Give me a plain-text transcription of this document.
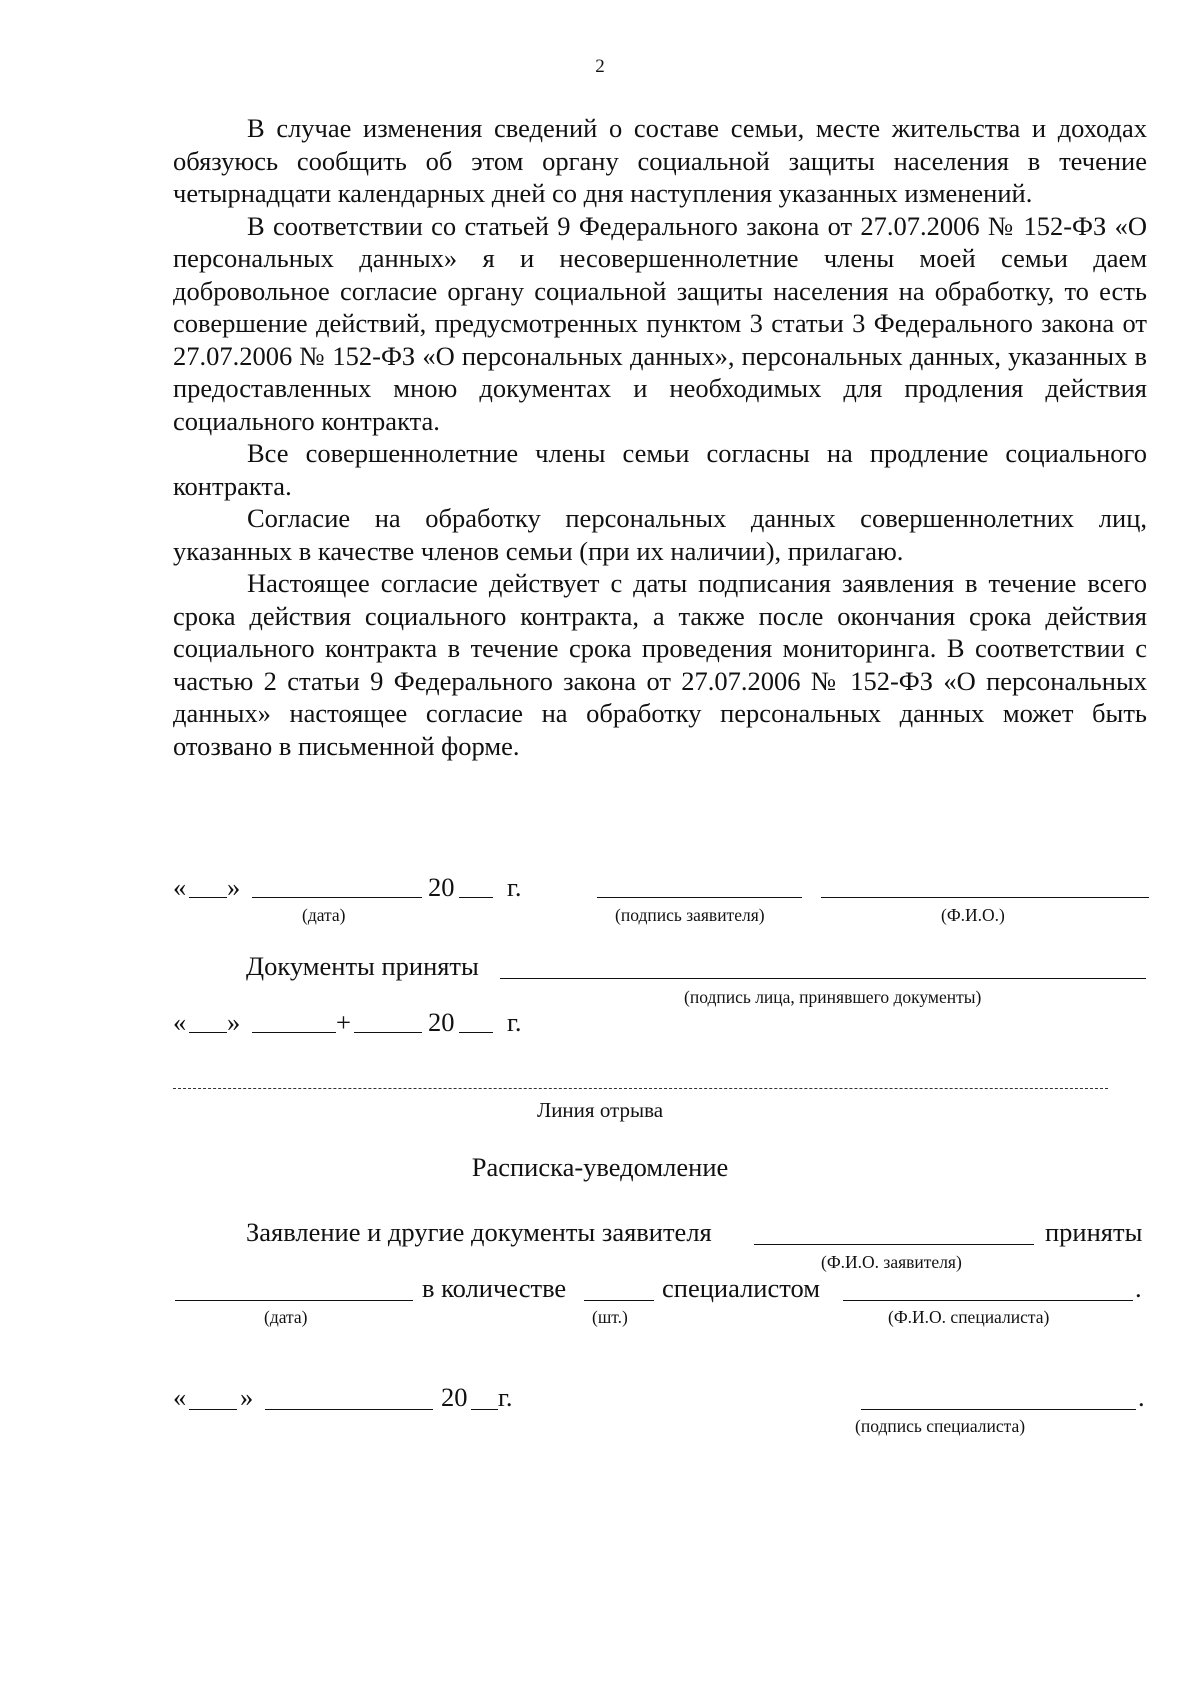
2

В случае изменения сведений о составе семьи, месте жительства и доходах обязуюсь сообщить об этом органу социальной защиты населения в течение четырнадцати календарных дней со дня наступления указанных изменений.

В соответствии со статьей 9 Федерального закона от 27.07.2006 № 152-ФЗ «О персональных данных» я и несовершеннолетние члены моей семьи даем добровольное согласие органу социальной защиты населения на обработку, то есть совершение действий, предусмотренных пунктом 3 статьи 3 Федерального закона от 27.07.2006 № 152-ФЗ «О персональных данных», персональных данных, указанных в предоставленных мною документах и необходимых для продления действия социального контракта.

Все совершеннолетние члены семьи согласны на продление социального контракта.

Согласие на обработку персональных данных совершеннолетних лиц, указанных в качестве членов семьи (при их наличии), прилагаю.

Настоящее согласие действует с даты подписания заявления в течение всего срока действия социального контракта, а также после окончания срока действия социального контракта в течение срока проведения мониторинга. В соответствии с частью 2 статьи 9 Федерального закона от 27.07.2006 № 152-ФЗ «О персональных данных» настоящее согласие на обработку персональных данных может быть отозвано в письменной форме.

« »	20 г.
(дата)	(подпись заявителя)	(Ф.И.О.)
Документы приняты
(подпись лица, принявшего документы)
« »	+	20 г.
Линия отрыва
Расписка-уведомление
Заявление и другие документы заявителя	приняты
(Ф.И.О. заявителя)
в количестве	специалистом	.
(дата)	(шт.)	(Ф.И.О. специалиста)
« »	20 г.	.
(подпись специалиста)
